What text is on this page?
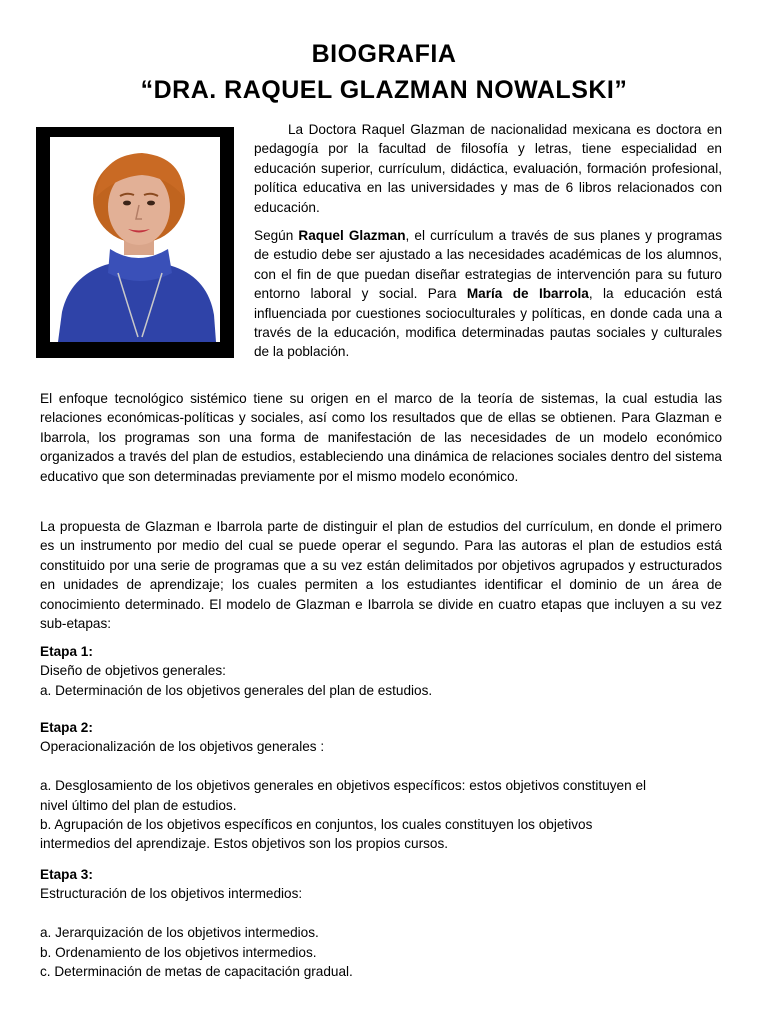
BIOGRAFIA
“DRA. RAQUEL GLAZMAN NOWALSKI”

La Doctora Raquel Glazman de nacionalidad mexicana es doctora en pedagogía por la facultad de filosofía y letras, tiene especialidad en educación superior, currículum, didáctica, evaluación, formación profesional, política educativa en las universidades y mas de 6 libros relacionados con educación.

Según Raquel Glazman, el currículum a través de sus planes y programas de estudio debe ser ajustado a las necesidades académicas de los alumnos, con el fin de que puedan diseñar estrategias de intervención para su futuro entorno laboral y social. Para María de Ibarrola, la educación está influenciada por cuestiones socioculturales y políticas, en donde cada una a través de la educación, modifica determinadas pautas sociales y culturales de la población.

El enfoque tecnológico sistémico tiene su origen en el marco de la teoría de sistemas, la cual estudia las relaciones económicas-políticas y sociales, así como los resultados que de ellas se obtienen. Para Glazman e Ibarrola, los programas son una forma de manifestación de las necesidades de un modelo económico organizados a través del plan de estudios, estableciendo una dinámica de relaciones sociales dentro del sistema educativo que son determinadas previamente por el mismo modelo económico.

La propuesta de Glazman e Ibarrola parte de distinguir el plan de estudios del currículum, en donde el primero es un instrumento por medio del cual se puede operar el segundo. Para las autoras el plan de estudios está constituido por una serie de programas que a su vez están delimitados por objetivos agrupados y estructurados en unidades de aprendizaje; los cuales permiten a los estudiantes identificar el dominio de un área de conocimiento determinado. El modelo de Glazman e Ibarrola se divide en cuatro etapas que incluyen a su vez sub-etapas:

Etapa 1:
Diseño de objetivos generales:
a. Determinación de los objetivos generales del plan de estudios.
Etapa 2:
Operacionalización de los objetivos generales :
a. Desglosamiento de los objetivos generales en objetivos específicos: estos objetivos constituyen el
nivel último del plan de estudios.
b. Agrupación de los objetivos específicos en conjuntos, los cuales constituyen los objetivos
intermedios del aprendizaje. Estos objetivos son los propios cursos.
Etapa 3:
Estructuración de los objetivos intermedios:
a. Jerarquización de los objetivos intermedios.
b. Ordenamiento de los objetivos intermedios.
c. Determinación de metas de capacitación gradual.
